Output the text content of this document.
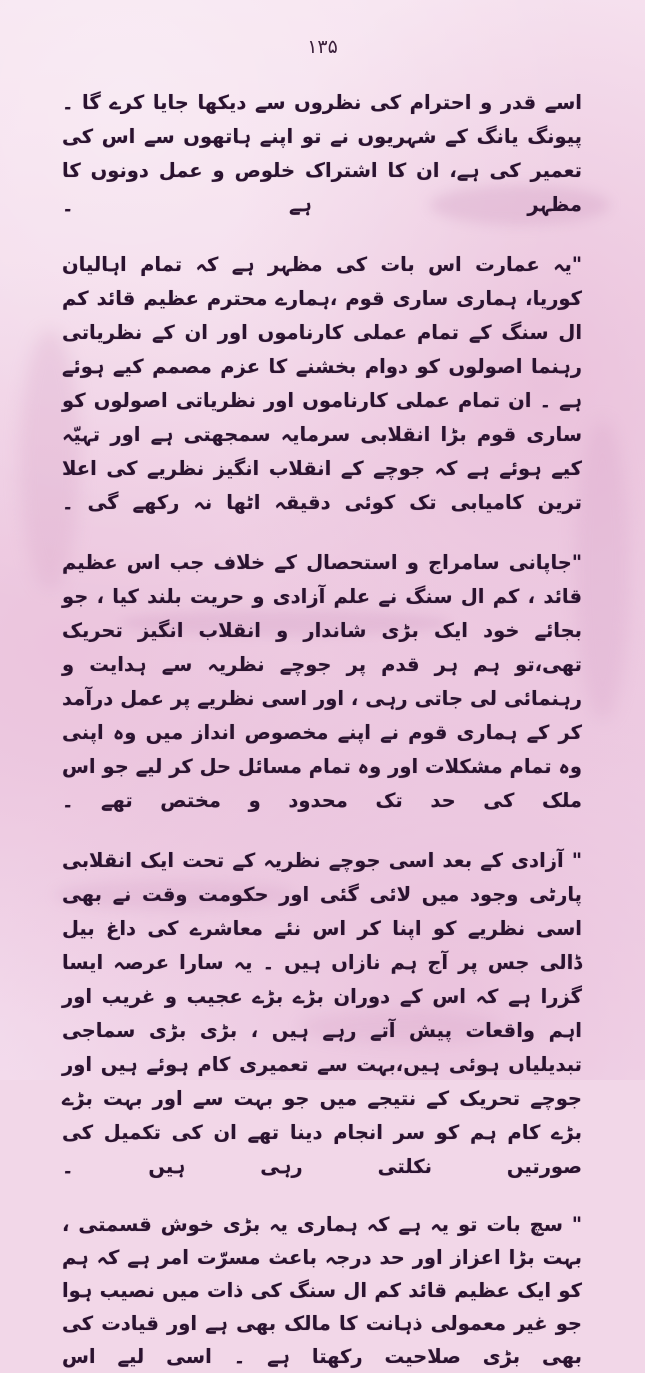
۱۳۵

اسے قدر و احترام کی نظروں سے دیکھا جایا کرے گا ۔ پیونگ یانگ کے شہریوں نے تو اپنے ہاتھوں سے اس کی تعمیر کی ہے، ان کا اشتراک خلوص و عمل دونوں کا مظہر ہے ۔

"یہ عمارت اس بات کی مظہر ہے کہ تمام اہالیان کوریا، ہماری ساری قوم ،ہمارے محترم عظیم قائد کم ال سنگ کے تمام عملی کارناموں اور ان کے نظریاتی رہنما اصولوں کو دوام بخشنے کا عزم مصمم کیے ہوئے ہے ۔ ان تمام عملی کارناموں اور نظریاتی اصولوں کو ساری قوم بڑا انقلابی سرمایہ سمجھتی ہے اور تہیّہ کیے ہوئے ہے کہ جوچے کے انقلاب انگیز نظریے کی اعلا ترین کامیابی تک کوئی دقیقہ اٹھا نہ رکھے گی ۔

"جاپانی سامراج و استحصال کے خلاف جب اس عظیم قائد ، کم ال سنگ نے علم آزادی و حریت بلند کیا ، جو بجائے خود ایک بڑی شاندار و انقلاب انگیز تحریک تھی،تو ہم ہر قدم پر جوچے نظریہ سے ہدایت و رہنمائی لی جاتی رہی ، اور اسی نظریے پر عمل درآمد کر کے ہماری قوم نے اپنے مخصوص انداز میں وہ اپنی وہ تمام مشکلات اور وہ تمام مسائل حل کر لیے جو اس ملک کی حد تک محدود و مختص تھے ۔

" آزادی کے بعد اسی جوچے نظریہ کے تحت ایک انقلابی پارٹی وجود میں لائی گئی اور حکومت وقت نے بھی اسی نظریے کو اپنا کر اس نئے معاشرے کی داغ بیل ڈالی جس پر آج ہم نازاں ہیں ۔ یہ سارا عرصہ ایسا گزرا ہے کہ اس کے دوران بڑے بڑے عجیب و غریب اور اہم واقعات پیش آتے رہے ہیں ، بڑی بڑی سماجی تبدیلیاں ہوئی ہیں،بہت سے تعمیری کام ہوئے ہیں اور جوچے تحریک کے نتیجے میں جو بہت سے اور بہت بڑے بڑے کام ہم کو سر انجام دینا تھے ان کی تکمیل کی صورتیں نکلتی رہی ہیں ۔

" سچ بات تو یہ ہے کہ ہماری یہ بڑی خوش قسمتی ، بہت بڑا اعزاز اور حد درجہ باعث مسرّت امر ہے کہ ہم کو ایک عظیم قائد کم ال سنگ کی ذات میں نصیب ہوا جو غیر معمولی ذہانت کا مالک بھی ہے اور قیادت کی بھی بڑی صلاحیت رکھتا ہے ۔ اسی لیے اس
